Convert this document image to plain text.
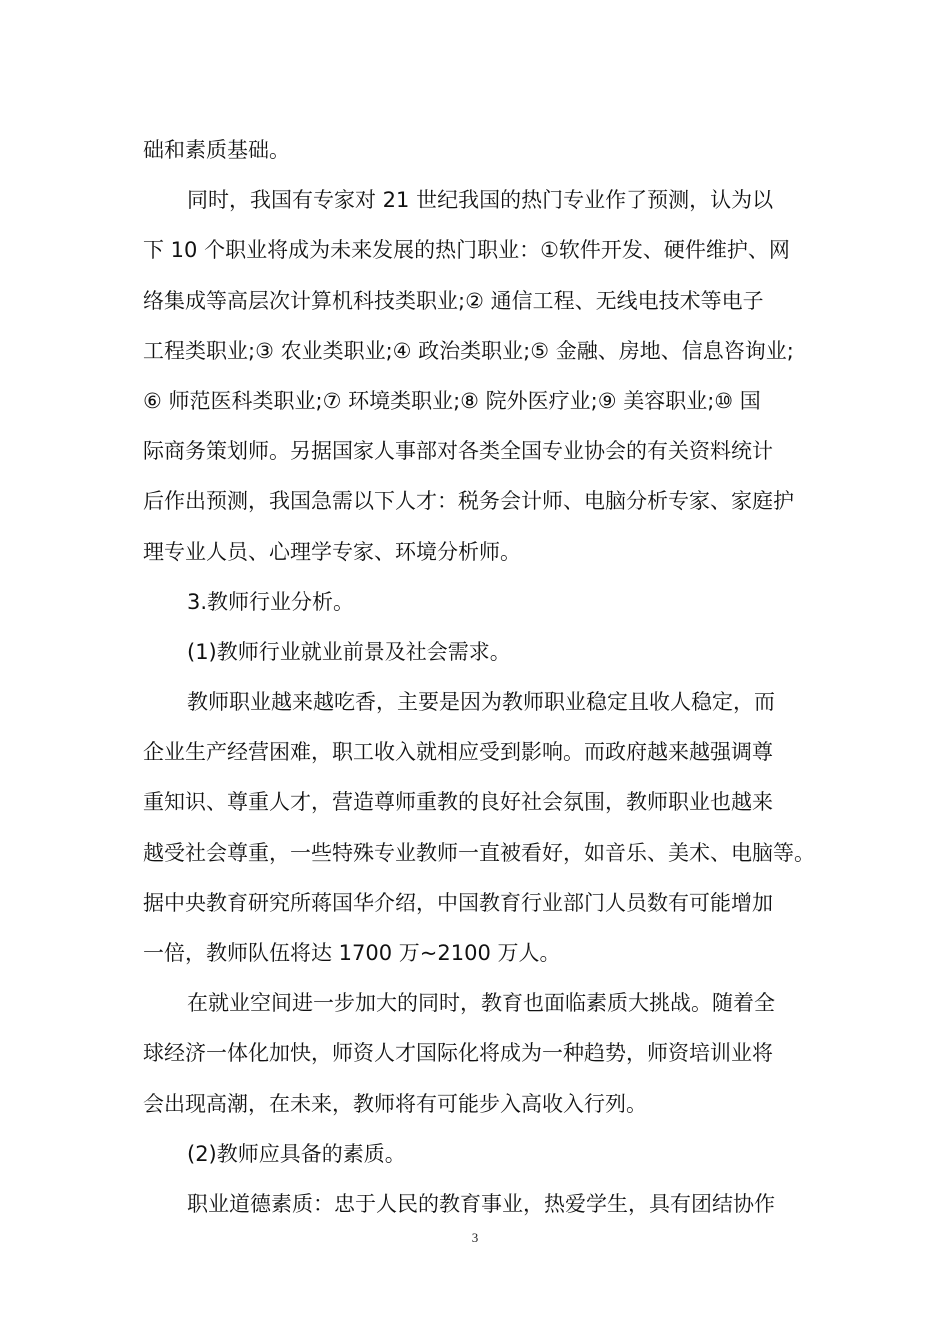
础和素质基础。
同时，我国有专家对 21 世纪我国的热门专业作了预测，认为以
下 10 个职业将成为未来发展的热门职业：①软件开发、硬件维护、网
络集成等高层次计算机科技类职业;② 通信工程、无线电技术等电子
工程类职业;③ 农业类职业;④ 政治类职业;⑤ 金融、房地、信息咨询业;
⑥ 师范医科类职业;⑦ 环境类职业;⑧ 院外医疗业;⑨ 美容职业;⑩ 国
际商务策划师。另据国家人事部对各类全国专业协会的有关资料统计
后作出预测，我国急需以下人才：税务会计师、电脑分析专家、家庭护
理专业人员、心理学专家、环境分析师。
3.教师行业分析。
(1)教师行业就业前景及社会需求。
教师职业越来越吃香，主要是因为教师职业稳定且收人稳定，而
企业生产经营困难，职工收入就相应受到影响。而政府越来越强调尊
重知识、尊重人才，营造尊师重教的良好社会氛围，教师职业也越来
越受社会尊重，一些特殊专业教师一直被看好，如音乐、美术、电脑等。
据中央教育研究所蒋国华介绍，中国教育行业部门人员数有可能增加
一倍，教师队伍将达 1700 万~2100 万人。
在就业空间进一步加大的同时，教育也面临素质大挑战。随着全
球经济一体化加快，师资人才国际化将成为一种趋势，师资培训业将
会出现高潮，在未来，教师将有可能步入高收入行列。
(2)教师应具备的素质。
职业道德素质：忠于人民的教育事业，热爱学生，具有团结协作
3
